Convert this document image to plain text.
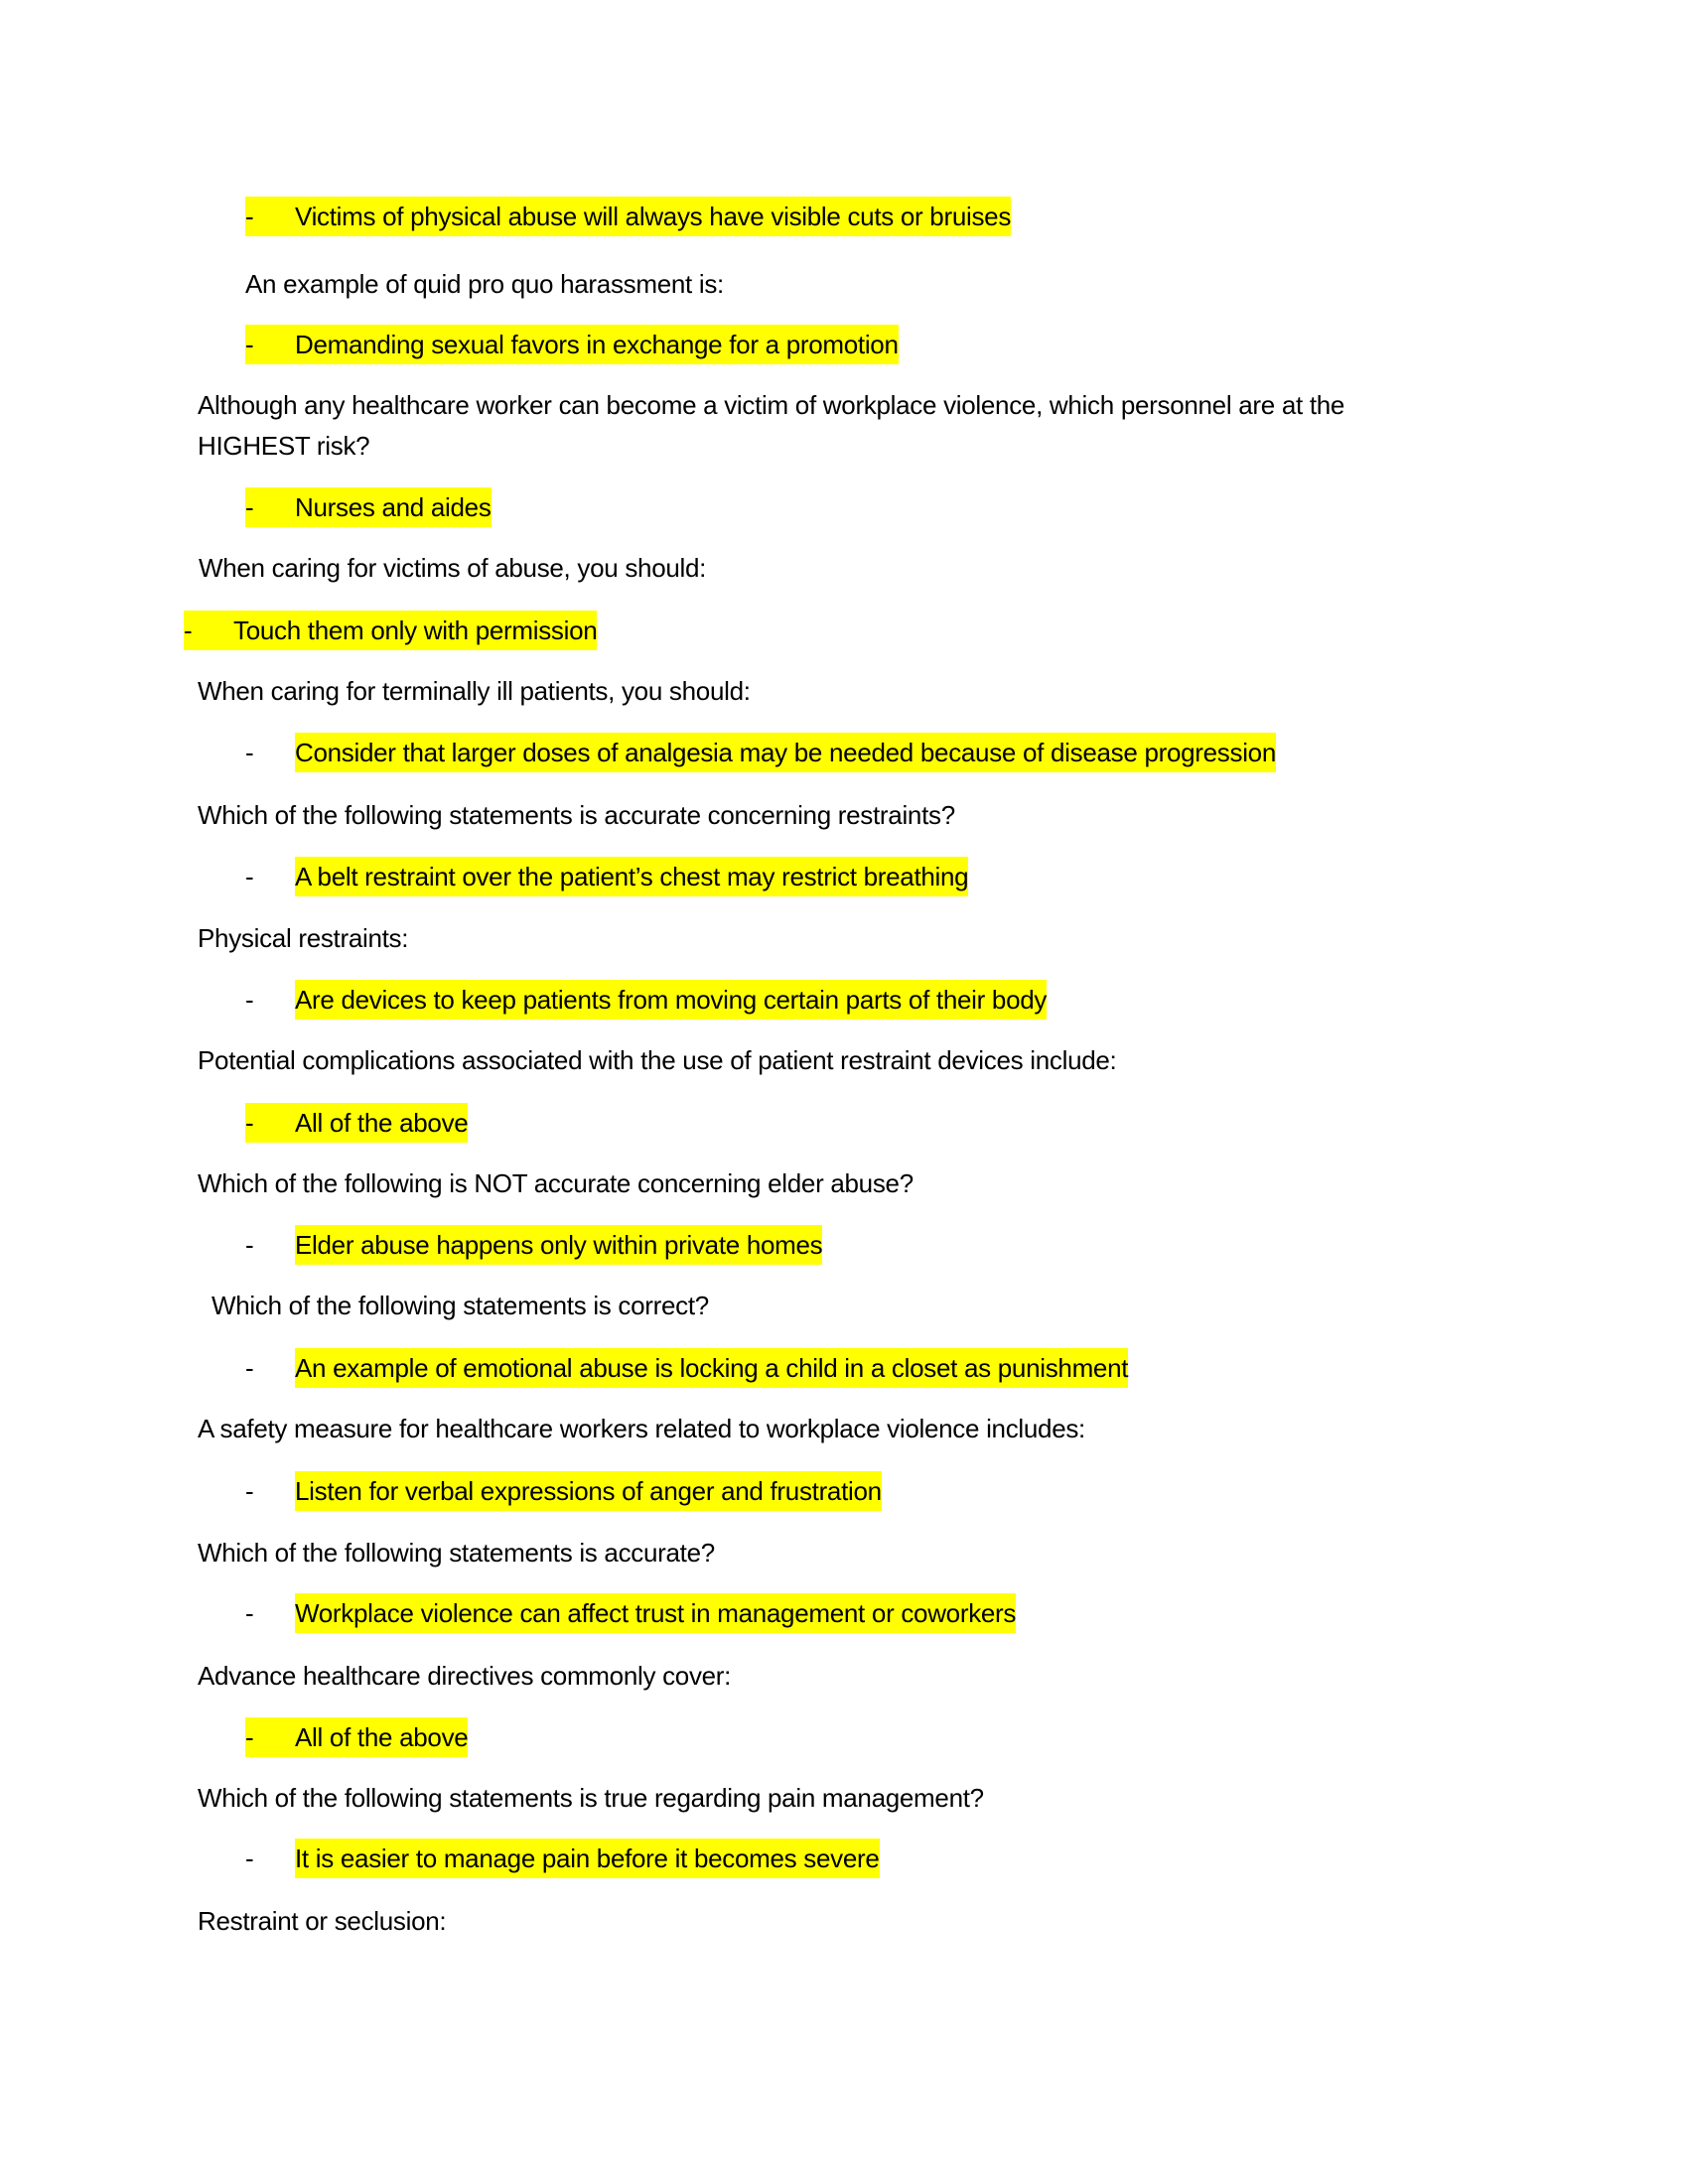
- Victims of physical abuse will always have visible cuts or bruises
An example of quid pro quo harassment is:
- Demanding sexual favors in exchange for a promotion
Although any healthcare worker can become a victim of workplace violence, which personnel are at the
HIGHEST risk?
- Nurses and aides
When caring for victims of abuse, you should:
- Touch them only with permission
When caring for terminally ill patients, you should:
- Consider that larger doses of analgesia may be needed because of disease progression
Which of the following statements is accurate concerning restraints?
- A belt restraint over the patient’s chest may restrict breathing
Physical restraints:
- Are devices to keep patients from moving certain parts of their body
Potential complications associated with the use of patient restraint devices include:
- All of the above
Which of the following is NOT accurate concerning elder abuse?
- Elder abuse happens only within private homes
Which of the following statements is correct?
- An example of emotional abuse is locking a child in a closet as punishment
A safety measure for healthcare workers related to workplace violence includes:
- Listen for verbal expressions of anger and frustration
Which of the following statements is accurate?
- Workplace violence can affect trust in management or coworkers
Advance healthcare directives commonly cover:
- All of the above
Which of the following statements is true regarding pain management?
- It is easier to manage pain before it becomes severe
Restraint or seclusion:
